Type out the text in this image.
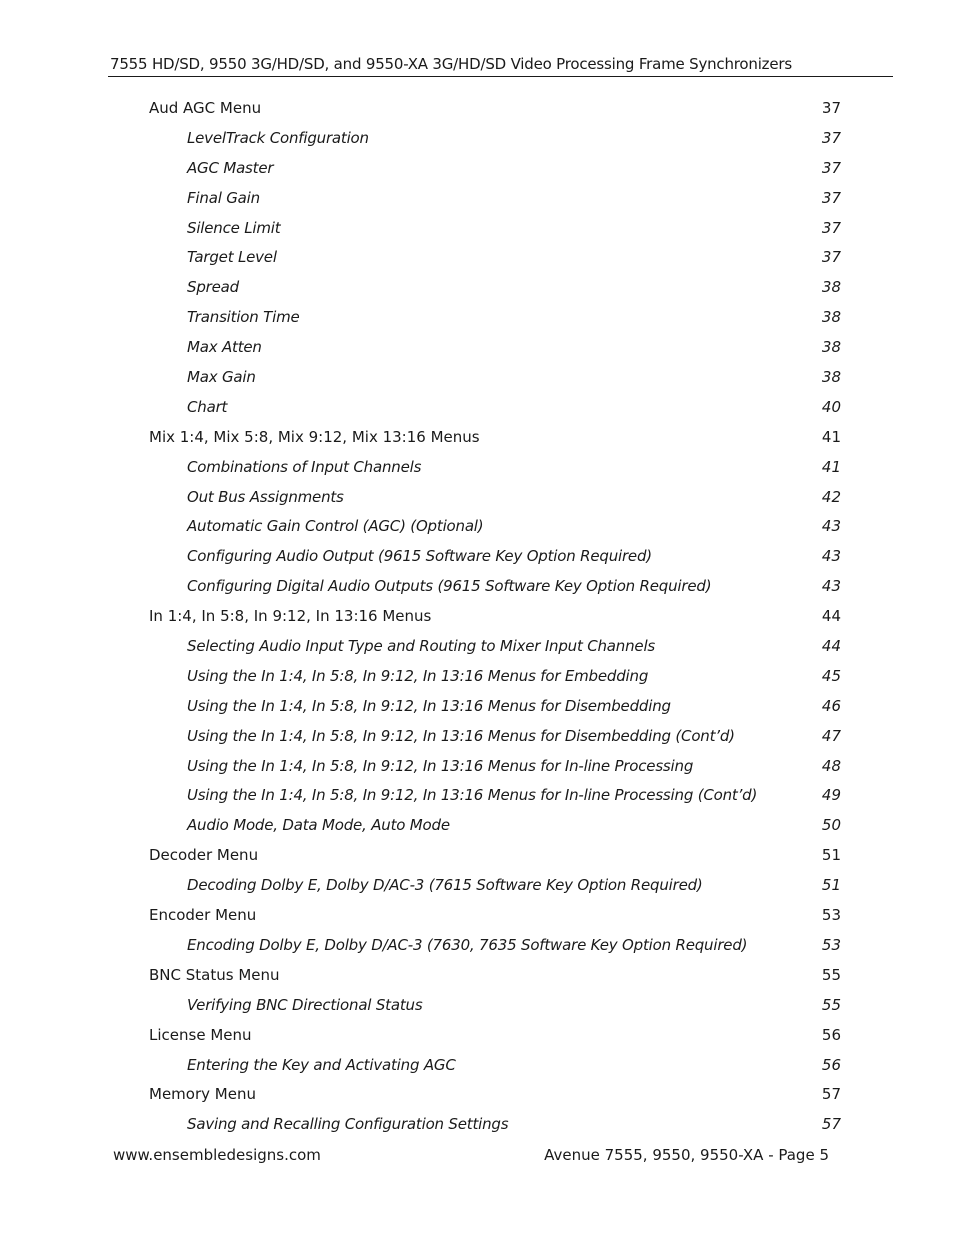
7555 HD/SD, 9550 3G/HD/SD, and 9550-XA 3G/HD/SD Video Processing Frame Synchronizers
Aud AGC Menu	37
LevelTrack Configuration	37
AGC Master	37
Final Gain	37
Silence Limit	37
Target Level	37
Spread	38
Transition Time	38
Max Atten	38
Max Gain	38
Chart	40
Mix 1:4, Mix 5:8, Mix 9:12, Mix 13:16 Menus	41
Combinations of Input Channels	41
Out Bus Assignments	42
Automatic Gain Control (AGC) (Optional)	43
Configuring Audio Output (9615 Software Key Option Required)	43
Configuring Digital Audio Outputs (9615 Software Key Option Required)	43
In 1:4, In 5:8, In 9:12, In 13:16 Menus	44
Selecting Audio Input Type and Routing to Mixer Input Channels	44
Using the In 1:4, In 5:8, In 9:12, In 13:16 Menus for Embedding	45
Using the In 1:4, In 5:8, In 9:12, In 13:16 Menus for Disembedding	46
Using the In 1:4, In 5:8, In 9:12, In 13:16 Menus for Disembedding (Cont’d)	47
Using the In 1:4, In 5:8, In 9:12, In 13:16 Menus for In-line Processing	48
Using the In 1:4, In 5:8, In 9:12, In 13:16 Menus for In-line Processing (Cont’d)	49
Audio Mode, Data Mode, Auto Mode	50
Decoder Menu	51
Decoding Dolby E, Dolby D/AC-3 (7615 Software Key Option Required)	51
Encoder Menu	53
Encoding Dolby E, Dolby D/AC-3 (7630, 7635 Software Key Option Required)	53
BNC Status Menu	55
Verifying BNC Directional Status	55
License Menu	56
Entering the Key and Activating AGC	56
Memory Menu	57
Saving and Recalling Configuration Settings	57
www.ensembledesigns.com	Avenue 7555, 9550, 9550-XA - Page 5
